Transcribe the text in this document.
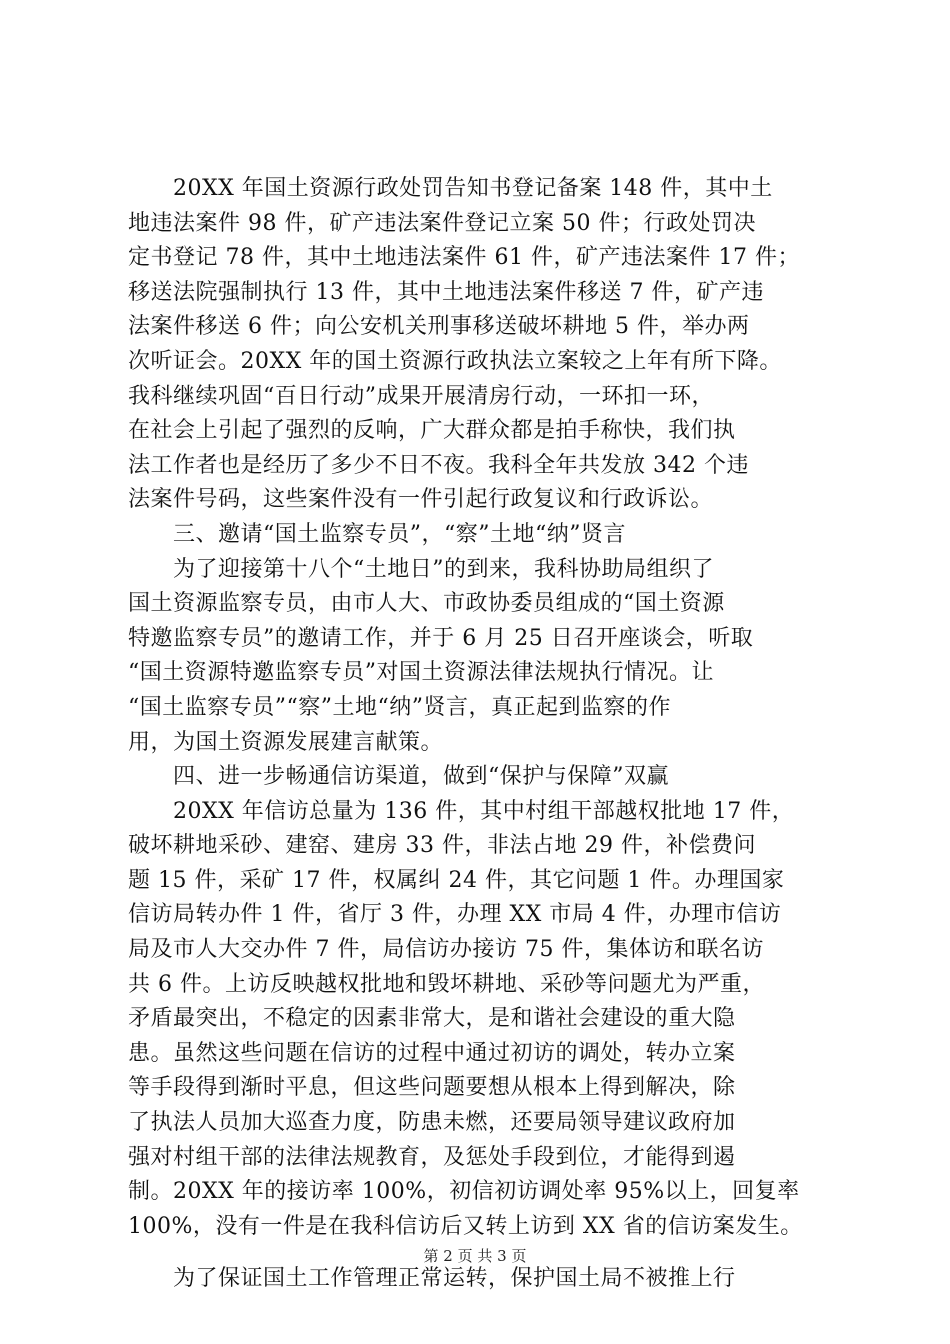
　　20XX 年国土资源行政处罚告知书登记备案 148 件，其中土
地违法案件 98 件，矿产违法案件登记立案 50 件；行政处罚决
定书登记 78 件，其中土地违法案件 61 件，矿产违法案件 17 件；
移送法院强制执行 13 件，其中土地违法案件移送 7 件，矿产违
法案件移送 6 件；向公安机关刑事移送破坏耕地 5 件，举办两
次听证会。20XX 年的国土资源行政执法立案较之上年有所下降。
我科继续巩固“百日行动”成果开展清房行动，一环扣一环，
在社会上引起了强烈的反响，广大群众都是拍手称快，我们执
法工作者也是经历了多少不日不夜。我科全年共发放 342 个违
法案件号码，这些案件没有一件引起行政复议和行政诉讼。
　　三、邀请“国土监察专员”，“察”土地“纳”贤言
　　为了迎接第十八个“土地日”的到来，我科协助局组织了
国土资源监察专员，由市人大、市政协委员组成的“国土资源
特邀监察专员”的邀请工作，并于 6 月 25 日召开座谈会，听取
“国土资源特邀监察专员”对国土资源法律法规执行情况。让
“国土监察专员”“察”土地“纳”贤言，真正起到监察的作
用，为国土资源发展建言献策。
　　四、进一步畅通信访渠道，做到“保护与保障”双赢
　　20XX 年信访总量为 136 件，其中村组干部越权批地 17 件，
破坏耕地采砂、建窑、建房 33 件，非法占地 29 件，补偿费问
题 15 件，采矿 17 件，权属纠 24 件，其它问题 1 件。办理国家
信访局转办件 1 件，省厅 3 件，办理 XX 市局 4 件，办理市信访
局及市人大交办件 7 件，局信访办接访 75 件，集体访和联名访
共 6 件。上访反映越权批地和毁坏耕地、采砂等问题尤为严重，
矛盾最突出，不稳定的因素非常大，是和谐社会建设的重大隐
患。虽然这些问题在信访的过程中通过初访的调处，转办立案
等手段得到渐时平息，但这些问题要想从根本上得到解决，除
了执法人员加大巡查力度，防患未燃，还要局领导建议政府加
强对村组干部的法律法规教育，及惩处手段到位，才能得到遏
制。20XX 年的接访率 100%，初信初访调处率 95%以上，回复率
100%，没有一件是在我科信访后又转上访到 XX 省的信访案发生。
　　为了保证国土工作管理正常运转，保护国土局不被推上行
第 2 页 共 3 页
